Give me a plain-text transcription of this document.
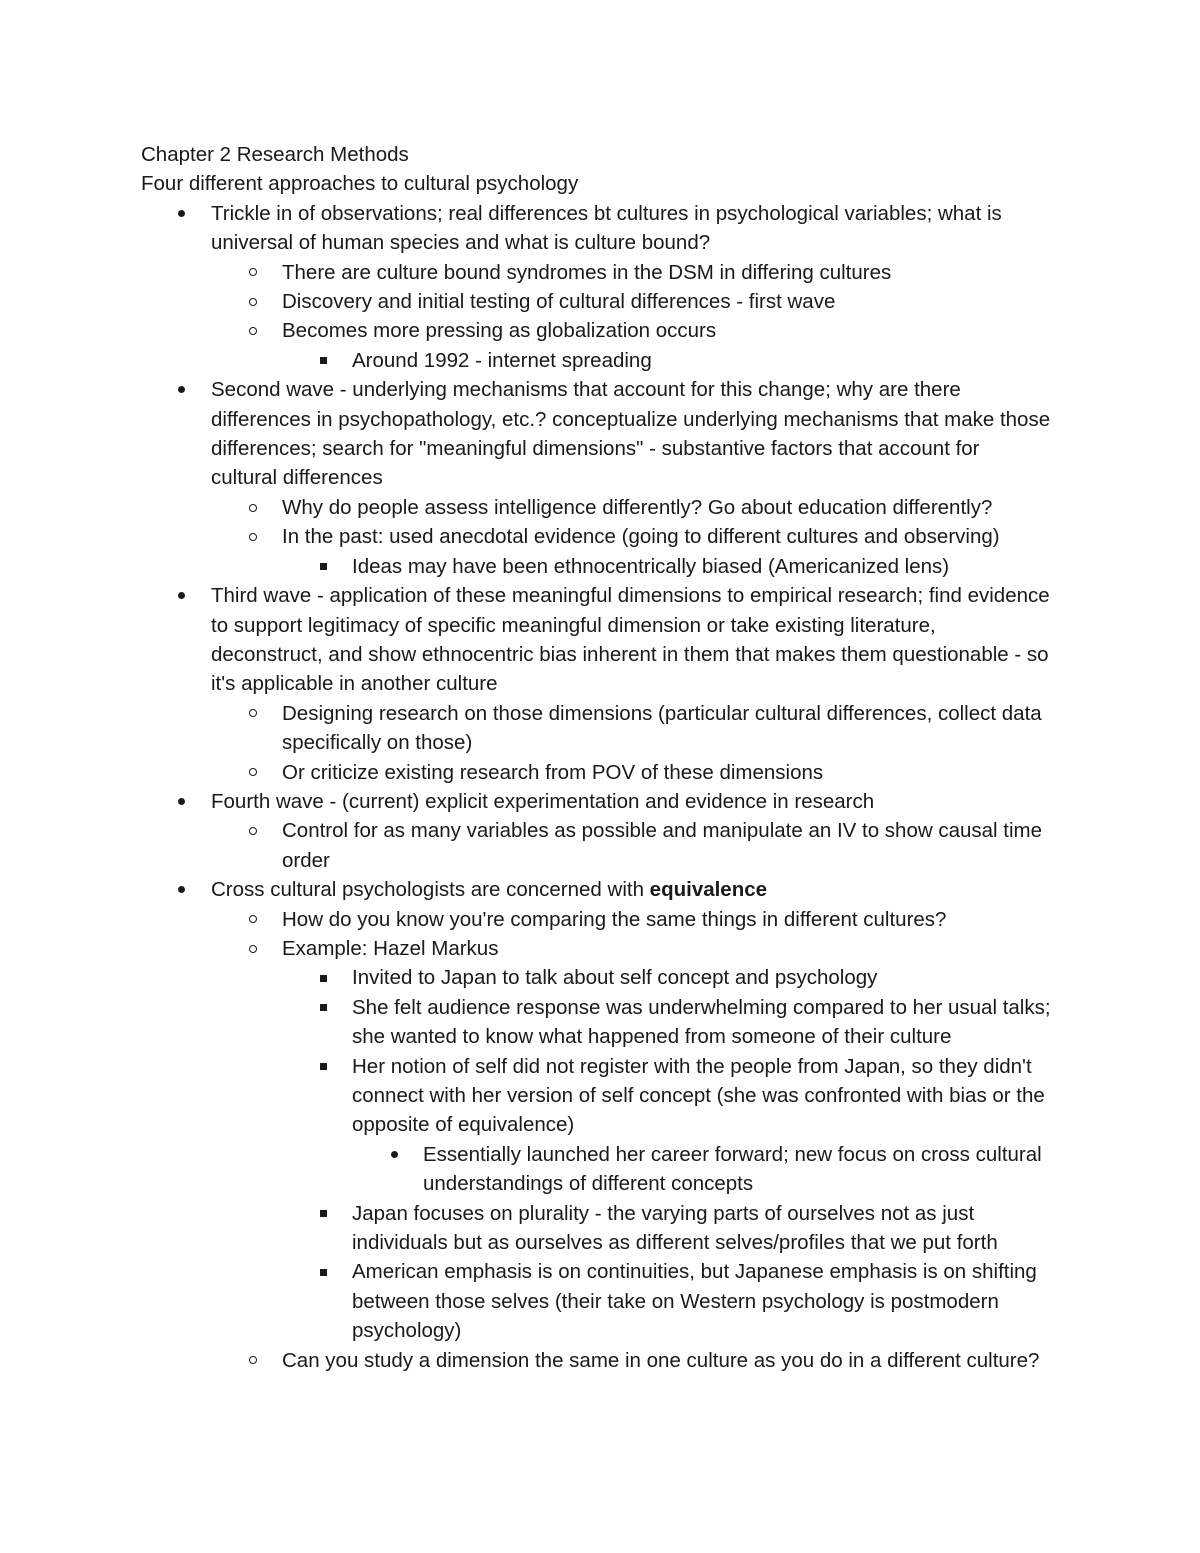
Chapter 2 Research Methods
Four different approaches to cultural psychology
Trickle in of observations; real differences bt cultures in psychological variables; what is universal of human species and what is culture bound?
There are culture bound syndromes in the DSM in differing cultures
Discovery and initial testing of cultural differences - first wave
Becomes more pressing as globalization occurs
Around 1992 - internet spreading
Second wave - underlying mechanisms that account for this change; why are there differences in psychopathology, etc.? conceptualize underlying mechanisms that make those differences; search for "meaningful dimensions" - substantive factors that account for cultural differences
Why do people assess intelligence differently? Go about education differently?
In the past: used anecdotal evidence (going to different cultures and observing)
Ideas may have been ethnocentrically biased (Americanized lens)
Third wave - application of these meaningful dimensions to empirical research; find evidence to support legitimacy of specific meaningful dimension or take existing literature, deconstruct, and show ethnocentric bias inherent in them that makes them questionable - so it's applicable in another culture
Designing research on those dimensions (particular cultural differences, collect data specifically on those)
Or criticize existing research from POV of these dimensions
Fourth wave - (current) explicit experimentation and evidence in research
Control for as many variables as possible and manipulate an IV to show causal time order
Cross cultural psychologists are concerned with equivalence
How do you know you're comparing the same things in different cultures?
Example: Hazel Markus
Invited to Japan to talk about self concept and psychology
She felt audience response was underwhelming compared to her usual talks; she wanted to know what happened from someone of their culture
Her notion of self did not register with the people from Japan, so they didn't connect with her version of self concept (she was confronted with bias or the opposite of equivalence)
Essentially launched her career forward; new focus on cross cultural understandings of different concepts
Japan focuses on plurality - the varying parts of ourselves not as just individuals but as ourselves as different selves/profiles that we put forth
American emphasis is on continuities, but Japanese emphasis is on shifting between those selves (their take on Western psychology is postmodern psychology)
Can you study a dimension the same in one culture as you do in a different culture?
